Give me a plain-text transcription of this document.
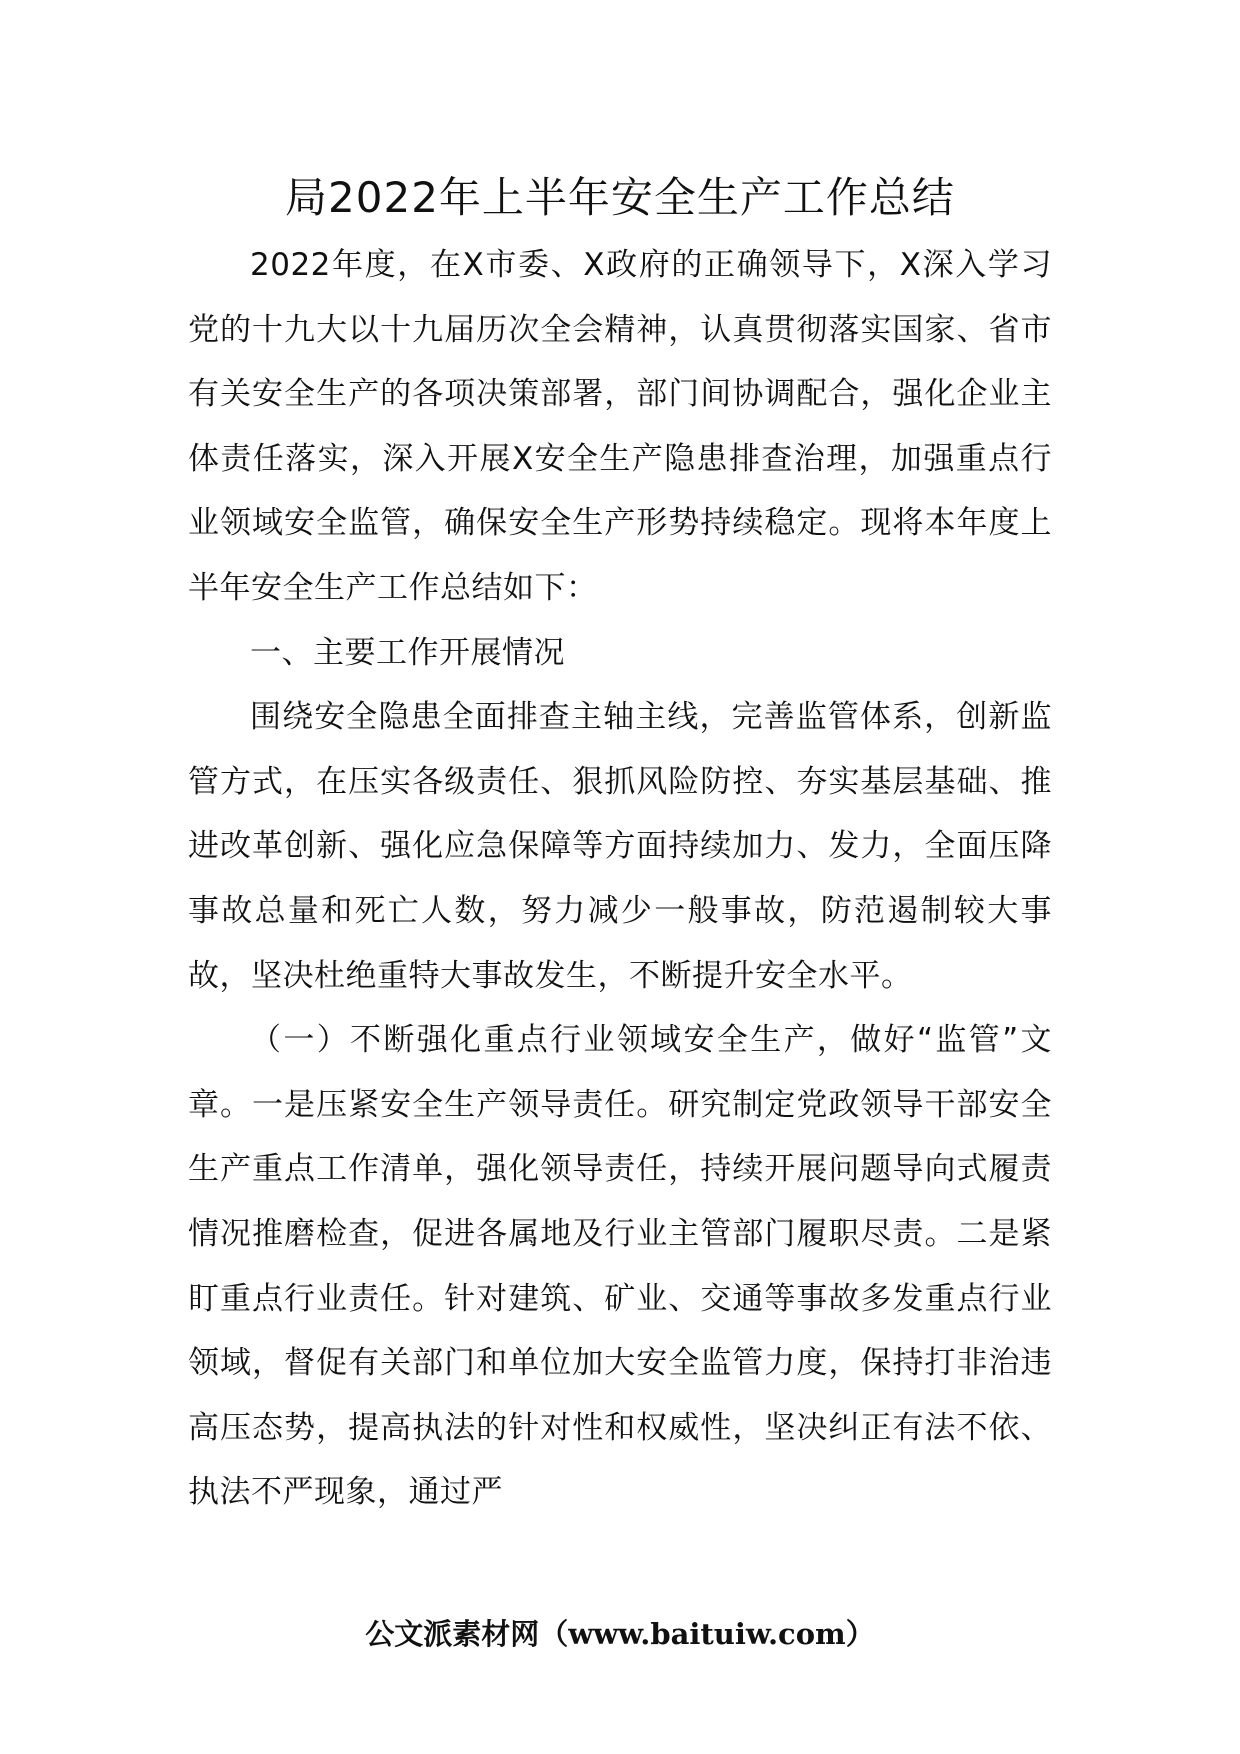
局2022年上半年安全生产工作总结

2022年度，在X市委、X政府的正确领导下，X深入学习党的十九大以十九届历次全会精神，认真贯彻落实国家、省市有关安全生产的各项决策部署，部门间协调配合，强化企业主体责任落实，深入开展X安全生产隐患排查治理，加强重点行业领域安全监管，确保安全生产形势持续稳定。现将本年度上半年安全生产工作总结如下：

一、主要工作开展情况

围绕安全隐患全面排查主轴主线，完善监管体系，创新监管方式，在压实各级责任、狠抓风险防控、夯实基层基础、推进改革创新、强化应急保障等方面持续加力、发力，全面压降事故总量和死亡人数，努力减少一般事故，防范遏制较大事故，坚决杜绝重特大事故发生，不断提升安全水平。

（一）不断强化重点行业领域安全生产，做好“监管”文章。一是压紧安全生产领导责任。研究制定党政领导干部安全生产重点工作清单，强化领导责任，持续开展问题导向式履责情况推磨检查，促进各属地及行业主管部门履职尽责。二是紧盯重点行业责任。针对建筑、矿业、交通等事故多发重点行业领域，督促有关部门和单位加大安全监管力度，保持打非治违高压态势，提高执法的针对性和权威性，坚决纠正有法不依、执法不严现象，通过严

公文派素材网（www.baituiw.com）
